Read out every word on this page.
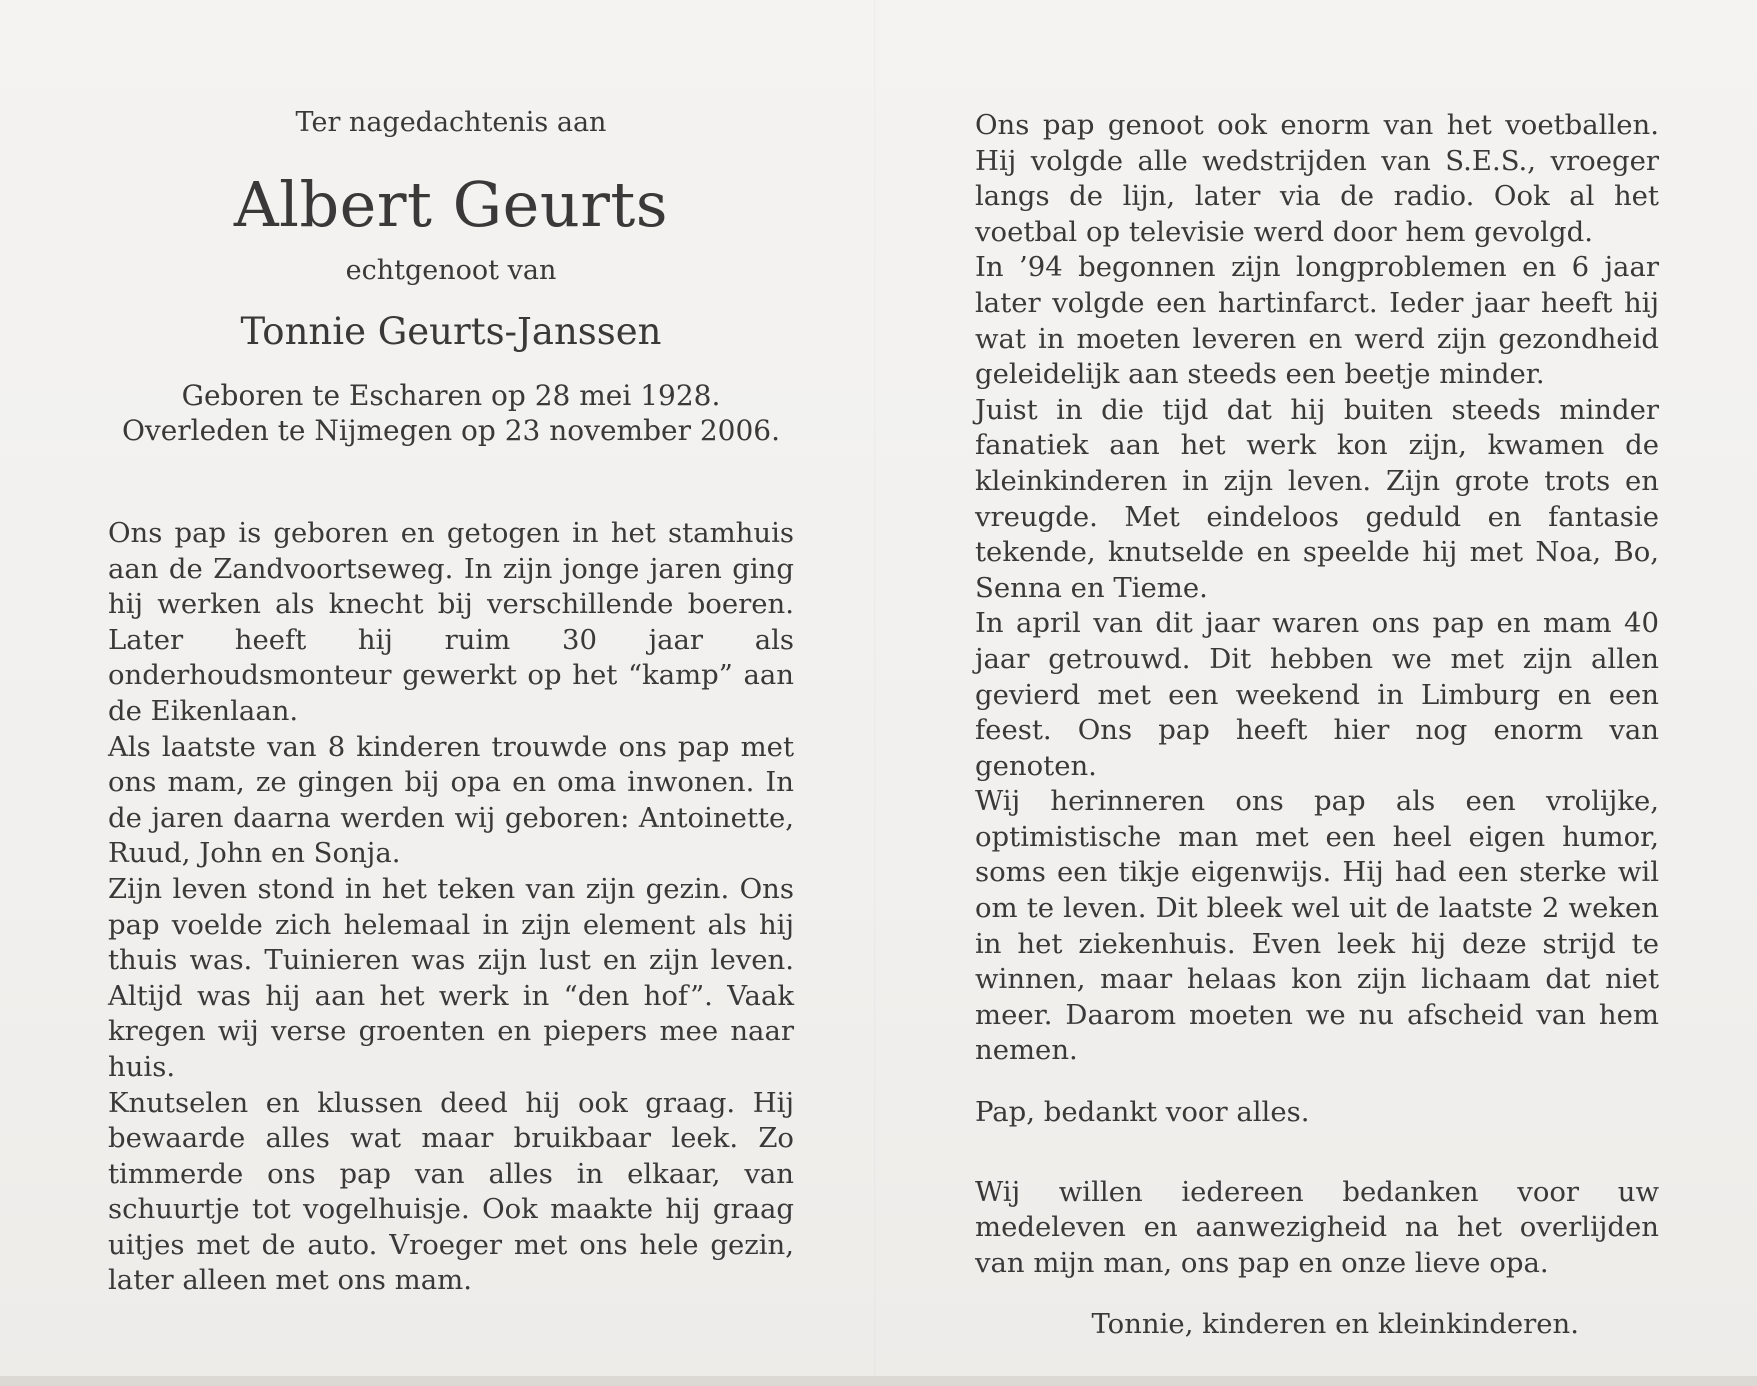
Ter nagedachtenis aan
Albert Geurts
echtgenoot van
Tonnie Geurts-Janssen
Geboren te Escharen op 28 mei 1928.
Overleden te Nijmegen op 23 november 2006.

Ons pap is geboren en getogen in het stamhuis aan de Zandvoortseweg. In zijn jonge jaren ging hij werken als knecht bij verschillende boeren. Later heeft hij ruim 30 jaar als onderhoudsmonteur gewerkt op het “kamp” aan de Eikenlaan.

Als laatste van 8 kinderen trouwde ons pap met ons mam, ze gingen bij opa en oma inwonen. In de jaren daarna werden wij geboren: Antoinette, Ruud, John en Sonja.

Zijn leven stond in het teken van zijn gezin. Ons pap voelde zich helemaal in zijn element als hij thuis was. Tuinieren was zijn lust en zijn leven. Altijd was hij aan het werk in “den hof”. Vaak kregen wij verse groenten en piepers mee naar huis.

Knutselen en klussen deed hij ook graag. Hij bewaarde alles wat maar bruikbaar leek. Zo timmerde ons pap van alles in elkaar, van schuurtje tot vogelhuisje. Ook maakte hij graag uitjes met de auto. Vroeger met ons hele gezin, later alleen met ons mam.

Ons pap genoot ook enorm van het voetballen. Hij volgde alle wedstrijden van S.E.S., vroeger langs de lijn, later via de radio. Ook al het voetbal op televisie werd door hem gevolgd.

In ’94 begonnen zijn longproblemen en 6 jaar later volgde een hartinfarct. Ieder jaar heeft hij wat in moeten leveren en werd zijn gezondheid geleidelijk aan steeds een beetje minder.

Juist in die tijd dat hij buiten steeds minder fanatiek aan het werk kon zijn, kwamen de kleinkinderen in zijn leven. Zijn grote trots en vreugde. Met eindeloos geduld en fantasie tekende, knutselde en speelde hij met Noa, Bo, Senna en Tieme.

In april van dit jaar waren ons pap en mam 40 jaar getrouwd. Dit hebben we met zijn allen gevierd met een weekend in Limburg en een feest. Ons pap heeft hier nog enorm van genoten.

Wij herinneren ons pap als een vrolijke, optimistische man met een heel eigen humor, soms een tikje eigenwijs. Hij had een sterke wil om te leven. Dit bleek wel uit de laatste 2 weken in het ziekenhuis. Even leek hij deze strijd te winnen, maar helaas kon zijn lichaam dat niet meer. Daarom moeten we nu afscheid van hem nemen.

Pap, bedankt voor alles.

Wij willen iedereen bedanken voor uw medeleven en aanwezigheid na het overlijden van mijn man, ons pap en onze lieve opa.

Tonnie, kinderen en kleinkinderen.
